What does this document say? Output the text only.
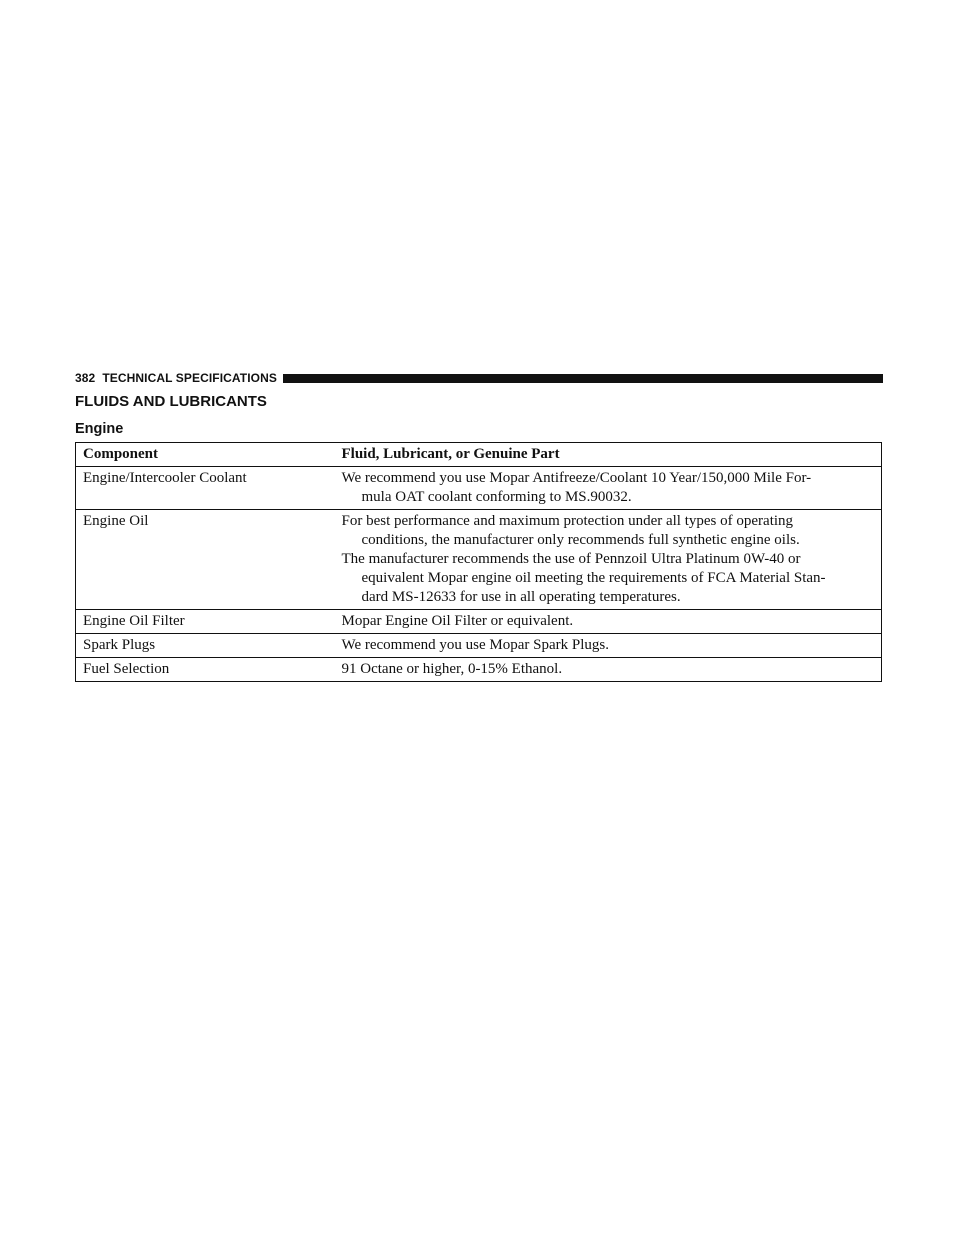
382 TECHNICAL SPECIFICATIONS
FLUIDS AND LUBRICANTS
Engine
Component	Fluid, Lubricant, or Genuine Part
Engine/Intercooler Coolant	We recommend you use Mopar Antifreeze/Coolant 10 Year/150,000 Mile For-
mula OAT coolant conforming to MS.90032.

Engine Oil	For best performance and maximum protection under all types of operating
conditions, the manufacturer only recommends full synthetic engine oils.
The manufacturer recommends the use of Pennzoil Ultra Platinum 0W-40 or
equivalent Mopar engine oil meeting the requirements of FCA Material Stan-
dard MS-12633 for use in all operating temperatures.

Engine Oil Filter	Mopar Engine Oil Filter or equivalent.

Spark Plugs	We recommend you use Mopar Spark Plugs.

Fuel Selection	91 Octane or higher, 0-15% Ethanol.
